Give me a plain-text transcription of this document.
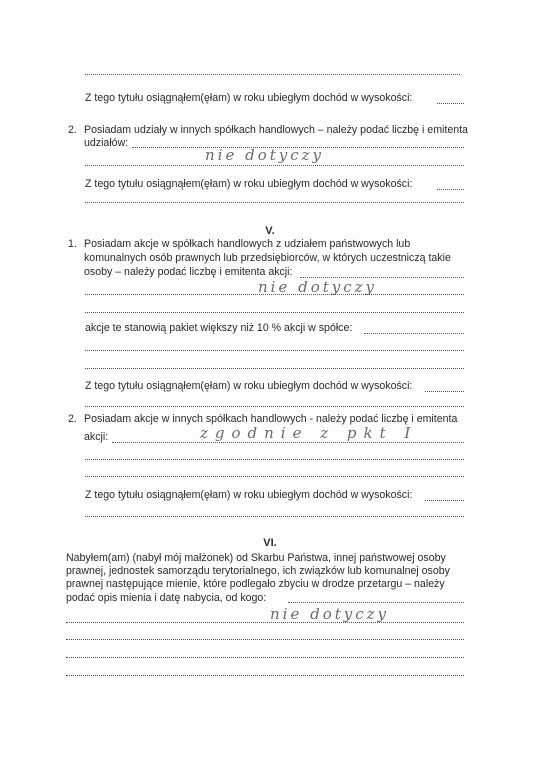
Z tego tytułu osiągnąłem(ęłam) w roku ubiegłym dochód w wysokości:
2. Posiadam udziały w innych spółkach handlowych – należy podać liczbę i emitenta
udziałów:
nie dotyczy
Z tego tytułu osiągnąłem(ęłam) w roku ubiegłym dochód w wysokości:
V.
1. Posiadam akcje w spółkach handlowych z udziałem państwowych lub
komunalnych osób prawnych lub przedsiębiorców, w których uczestniczą takie
osoby – należy podać liczbę i emitenta akcji:
nie dotyczy
akcje te stanowią pakiet większy niż 10 % akcji w spółce:
Z tego tytułu osiągnąłem(ęłam) w roku ubiegłym dochód w wysokości:
2. Posiadam akcje w innych spółkach handlowych - należy podać liczbę i emitenta
akcji:	zgodnie z pkt I
Z tego tytułu osiągnąłem(ęłam) w roku ubiegłym dochód w wysokości:
VI.
Nabyłem(am) (nabył mój małżonek) od Skarbu Państwa, innej państwowej osoby
prawnej, jednostek samorządu terytorialnego, ich związków lub komunalnej osoby
prawnej następujące mienie, które podlegało zbyciu w drodze przetargu – należy
podać opis mienia i datę nabycia, od kogo:
nie dotyczy
